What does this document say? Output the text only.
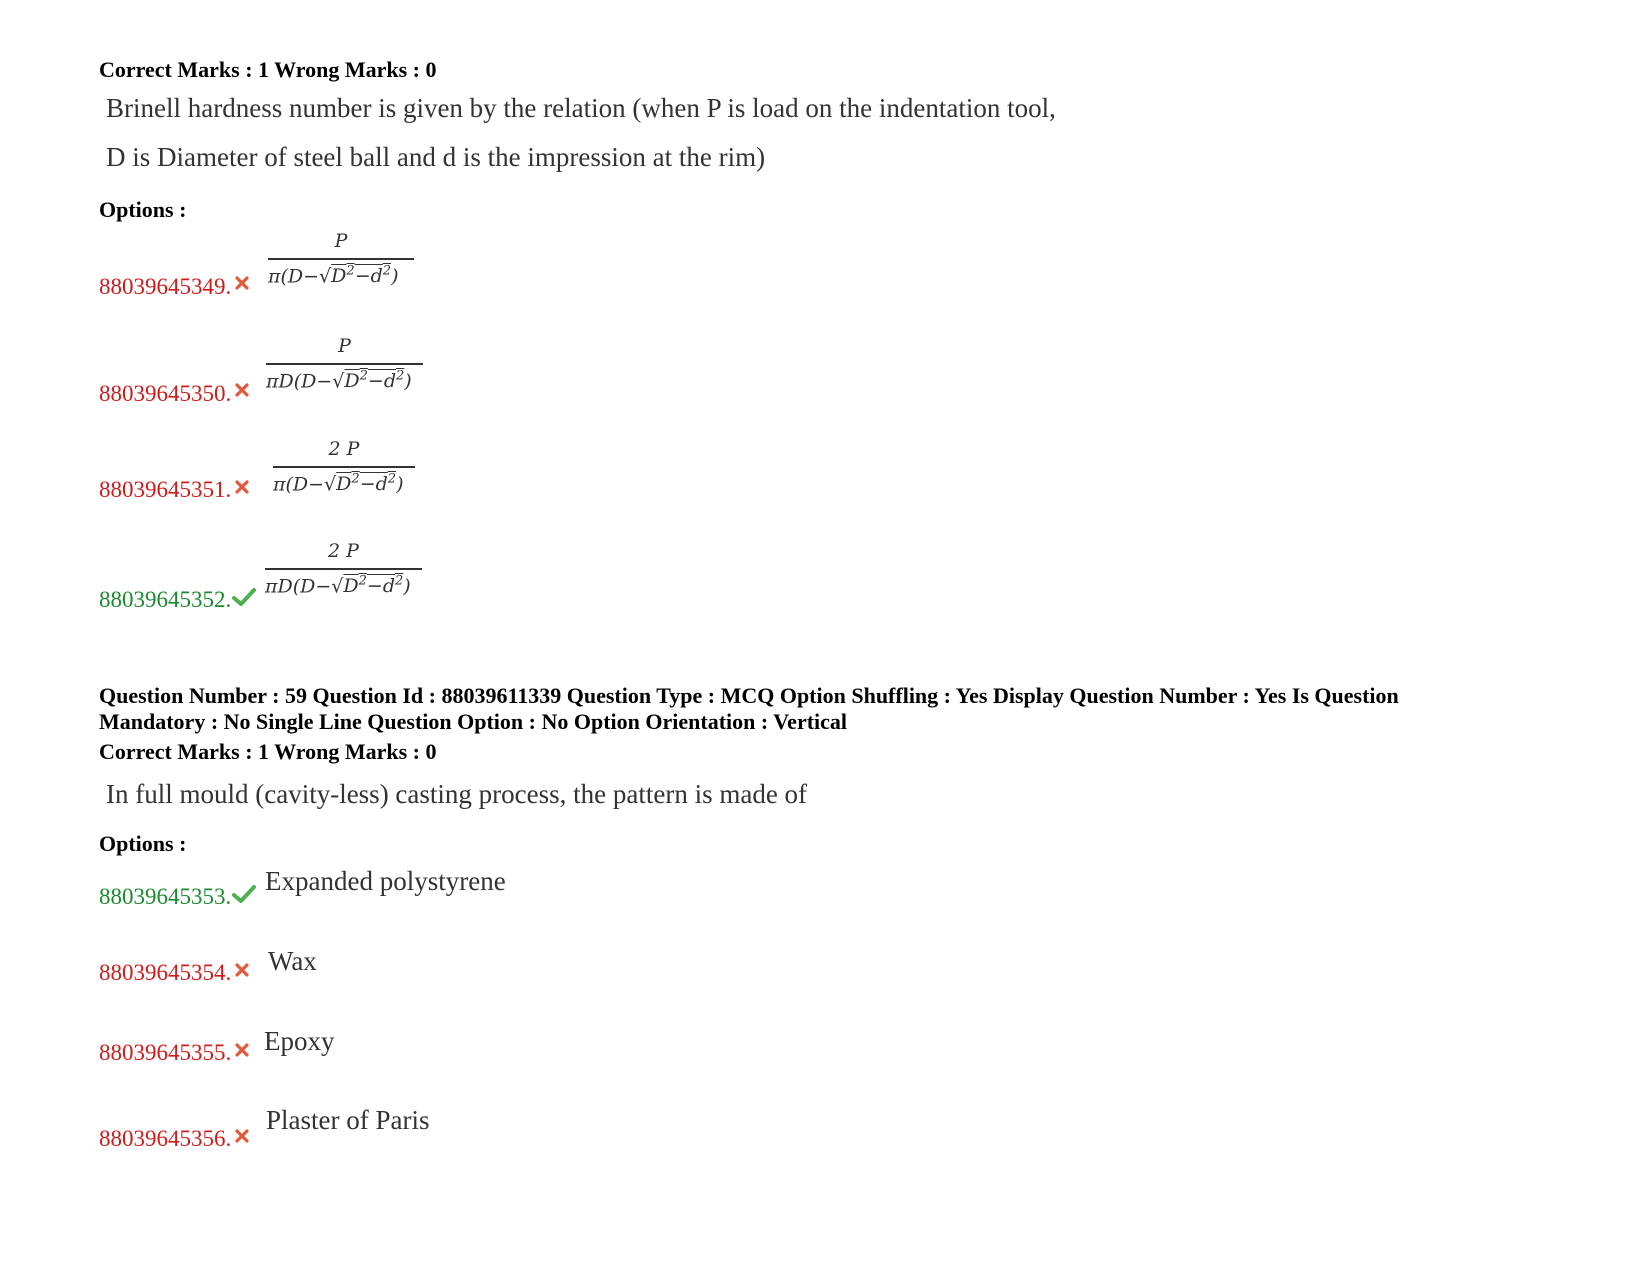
Correct Marks : 1 Wrong Marks : 0
Brinell hardness number is given by the relation (when P is load on the indentation tool,
D is Diameter of steel ball and d is the impression at the rim)
Options :
88039645349.
P
$\pi(D-√D^2-d^2)$
88039645350.
P
$\pi D(D-√D^2-d^2)$
88039645351.
2 P
$\pi(D-√D^2-d^2)$
88039645352.
2 P
$\pi D(D-√D^2-d^2)$
Question Number : 59 Question Id : 88039611339 Question Type : MCQ Option Shuffling : Yes Display Question Number : Yes Is Question
Mandatory : No Single Line Question Option : No Option Orientation : Vertical
Correct Marks : 1 Wrong Marks : 0
In full mould (cavity-less) casting process, the pattern is made of
Options :
88039645353.
Expanded polystyrene
88039645354. Wax
88039645355. Epoxy
88039645356.
Plaster of Paris
